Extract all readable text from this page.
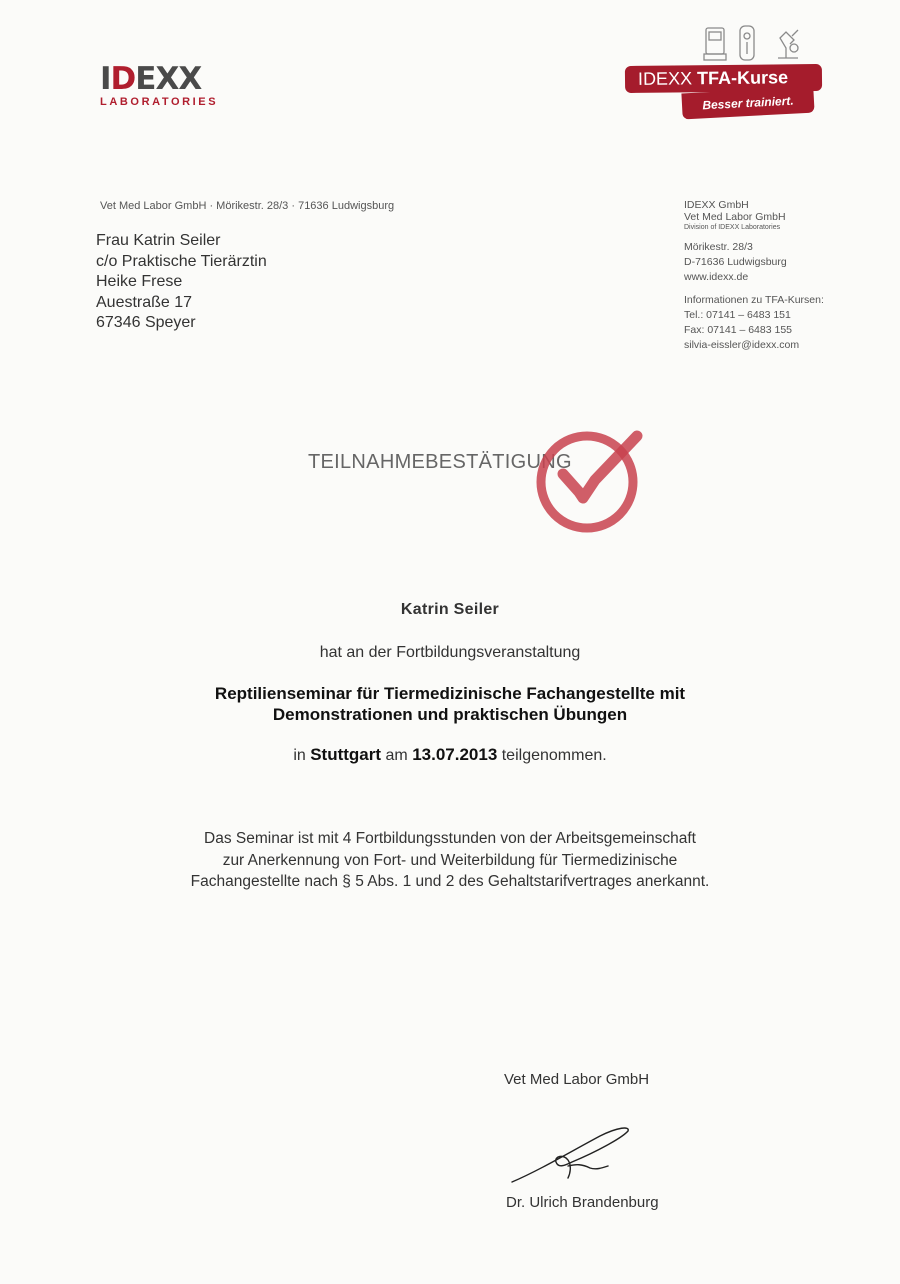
IDEXX
LABORATORIES
IDEXX TFA-Kurse
Besser trainiert.
Vet Med Labor GmbH · Mörikestr. 28/3 · 71636 Ludwigsburg
Frau Katrin Seiler
c/o Praktische Tierärztin
Heike Frese
Auestraße 17
67346 Speyer
IDEXX GmbH
Vet Med Labor GmbH
Division of IDEXX Laboratories
Mörikestr. 28/3
D-71636 Ludwigsburg
www.idexx.de
Informationen zu TFA-Kursen:
Tel.: 07141 – 6483 151
Fax: 07141 – 6483 155
silvia-eissler@idexx.com
TEILNAHMEBESTÄTIGUNG
Katrin Seiler
hat an der Fortbildungsveranstaltung
Reptilienseminar für Tiermedizinische Fachangestellte mit
Demonstrationen und praktischen Übungen
in Stuttgart am 13.07.2013 teilgenommen.
Das Seminar ist mit 4 Fortbildungsstunden von der Arbeitsgemeinschaft
zur Anerkennung von Fort- und Weiterbildung für Tiermedizinische
Fachangestellte nach § 5 Abs. 1 und 2 des Gehaltstarifvertrages anerkannt.
Vet Med Labor GmbH
Dr. Ulrich Brandenburg
